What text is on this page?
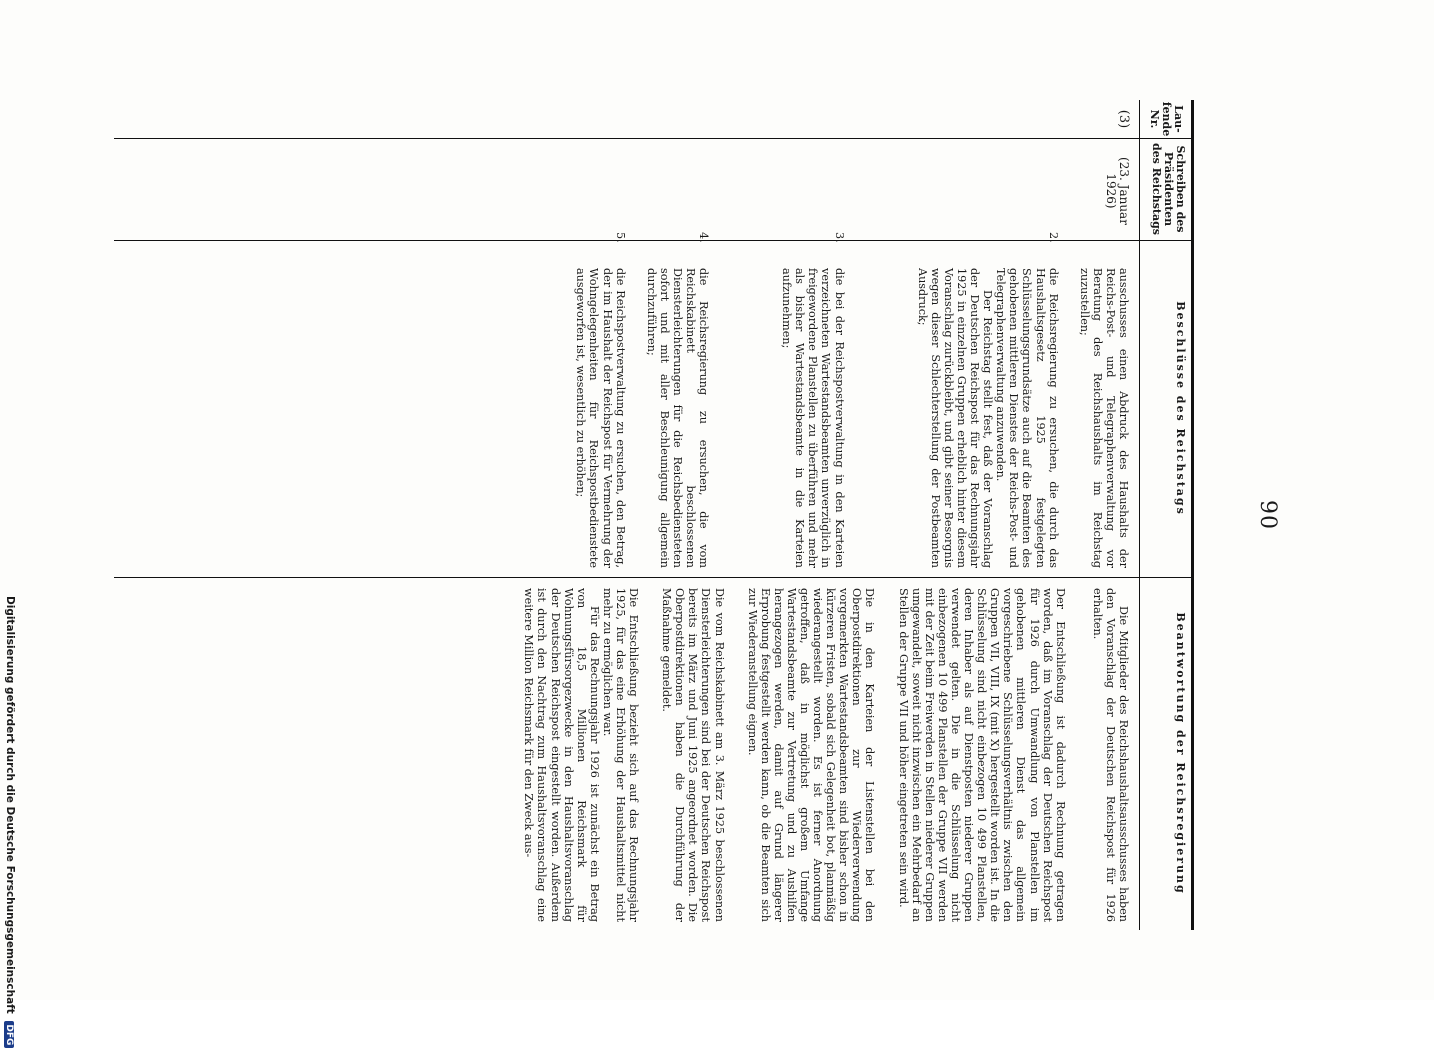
90
Lau-fende Nr.
Schreiben des Präsidenten des Reichstags
Beschlüsse des Reichstags
Beantwortung der Reichsregierung
(3)
(23. Januar 1926)

ausschusses einen Abdruck des Haushalts der Reichs-Post- und Telegraphenverwaltung vor Beratung des Reichshaushalts im Reichstag zuzustellen;

2.die Reichsregierung zu ersuchen, die durch das Haushaltsgesetz 1925 festgelegten Schlüsselungsgrundsätze auch auf die Beamten des gehobenen mittleren Dienstes der Reichs-Post- und Telegraphenverwaltung anzuwenden.

Der Reichstag stellt fest, daß der Voranschlag der Deutschen Reichspost für das Rechnungsjahr 1925 in einzelnen Gruppen erheblich hinter diesem Voranschlag zurückbleibt, und gibt seiner Besorgnis wegen dieser Schlechterstellung der Postbeamten Ausdruck;

3.die bei der Reichspostverwaltung in den Karteien verzeichneten Wartestandsbeamten unverzüglich in freigewordene Planstellen zu überführen und mehr als bisher Wartestandsbeamte in die Karteien aufzunehmen;

4.die Reichsregierung zu ersuchen, die vom Reichskabinett beschlossenen Diensterleichterungen für die Reichsbediensteten sofort und mit aller Beschleunigung allgemein durchzuführen;

5.die Reichspostverwaltung zu ersuchen, den Betrag, der im Haushalt der Reichspost für Vermehrung der Wohngelegenheiten für Reichspostbedienstete ausgeworfen ist, wesentlich zu erhöhen;

Die Mitglieder des Reichshaushaltsausschusses haben den Voranschlag der Deutschen Reichspost für 1926 erhalten.

Der Entschließung ist dadurch Rechnung getragen worden, daß im Voranschlag der Deutschen Reichspost für 1926 durch Umwandlung von Planstellen im gehobenen mittleren Dienst das allgemein vorgeschriebene Schlüsselungsverhältnis zwischen den Gruppen VII, VIII, IX (mit X) hergestellt worden ist. In die Schlüsselung sind nicht einbezogen 10 499 Planstellen, deren Inhaber als auf Dienstposten niederer Gruppen verwendet gelten. Die in die Schlüsselung nicht einbezogenen 10 499 Planstellen der Gruppe VII werden mit der Zeit beim Freiwerden in Stellen niederer Gruppen umgewandelt, soweit nicht inzwischen ein Mehrbedarf an Stellen der Gruppe VII und höher eingetreten sein wird.

Die in den Karteien der Listenstellen bei den Oberpostdirektionen zur Wiederverwendung vorgemerkten Wartestandsbeamten sind bisher schon in kürzeren Fristen, sobald sich Gelegenheit bot, planmäßig wiederangestellt worden. Es ist ferner Anordnung getroffen, daß in möglichst großem Umfange Wartestandsbeamte zur Vertretung und zu Aushilfen herangezogen werden, damit auf Grund längerer Erprobung festgestellt werden kann, ob die Beamten sich zur Wiederanstellung eignen.

Die vom Reichskabinett am 3. März 1925 beschlossenen Diensterleichterungen sind bei der Deutschen Reichspost bereits im März und Juni 1925 angeordnet worden. Die Oberpostdirektionen haben die Durchführung der Maßnahme gemeldet.

Die Entschließung bezieht sich auf das Rechnungsjahr 1925, für das eine Erhöhung der Haushaltsmittel nicht mehr zu ermöglichen war.

Für das Rechnungsjahr 1926 ist zunächst ein Betrag von 18,5 Millionen Reichsmark für Wohnungsfürsorgezwecke in den Haushaltsvoranschlag der Deutschen Reichspost eingestellt worden. Außerdem ist durch den Nachtrag zum Haushaltsvoranschlag eine weitere Million Reichsmark für den Zweck aus-

Digitalisierung gefördert durch die Deutsche Forschungsgemeinschaft DFG
